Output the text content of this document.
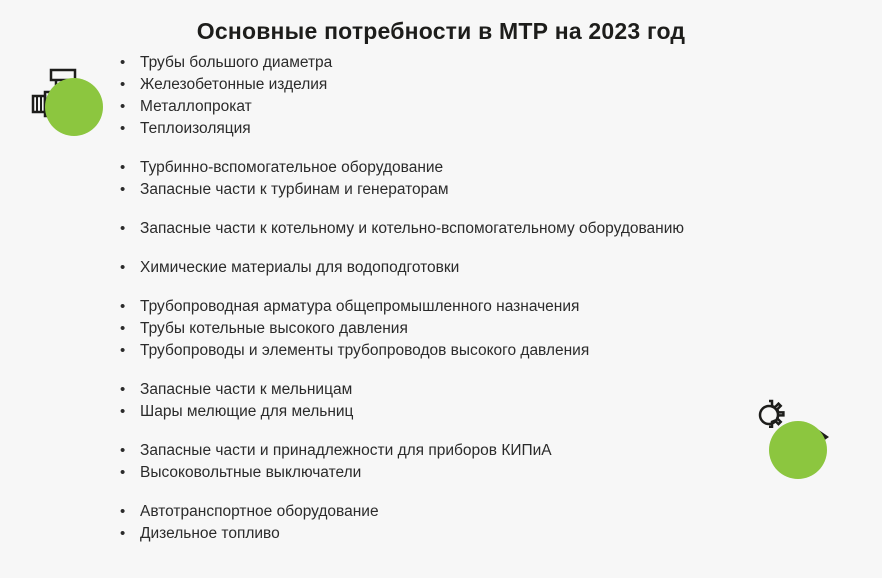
Основные потребности в МТР на 2023 год
• Трубы большого диаметра
• Железобетонные изделия
• Металлопрокат
• Теплоизоляция
• Турбинно-вспомогательное оборудование
• Запасные части к турбинам и генераторам
• Запасные части к котельному и котельно-вспомогательному оборудованию
• Химические материалы для водоподготовки
• Трубопроводная арматура общепромышленного назначения
• Трубы котельные высокого давления
• Трубопроводы и элементы трубопроводов высокого давления
• Запасные части к мельницам
• Шары мелющие для мельниц
• Запасные части и принадлежности для приборов КИПиА
• Высоковольтные выключатели
• Автотранспортное оборудование
• Дизельное топливо
